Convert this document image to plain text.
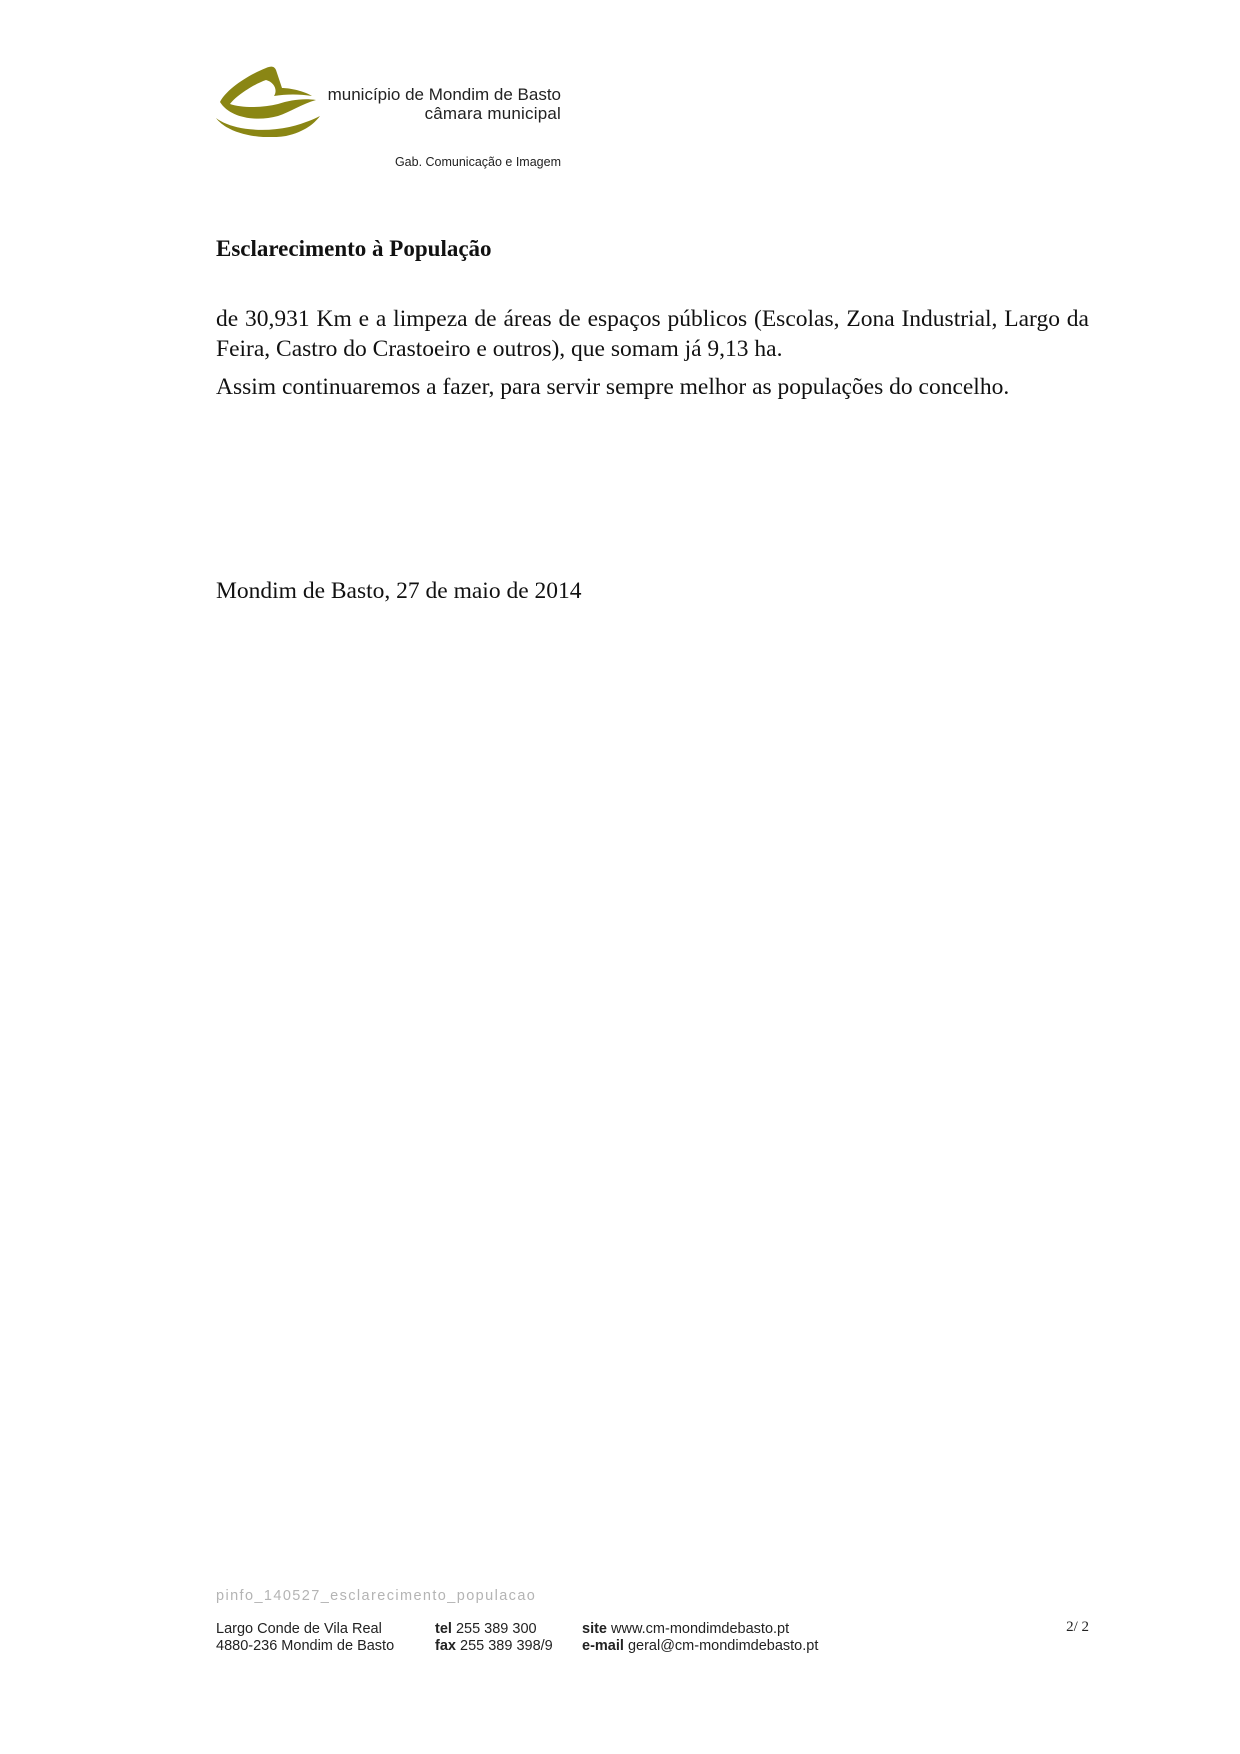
município de Mondim de Basto
câmara municipal
Gab. Comunicação e Imagem
Esclarecimento à População

de 30,931 Km e a limpeza de áreas de espaços públicos (Escolas, Zona Industrial, Largo da Feira, Castro do Crastoeiro e outros), que somam já 9,13 ha.

Assim continuaremos a fazer, para servir sempre melhor as populações do concelho.

Mondim de Basto, 27 de maio de 2014
pinfo_140527_esclarecimento_populacao
Largo Conde de Vila Real
4880-236 Mondim de Basto
tel 255 389 300
fax 255 389 398/9
site www.cm-mondimdebasto.pt
e-mail geral@cm-mondimdebasto.pt
2/ 2
